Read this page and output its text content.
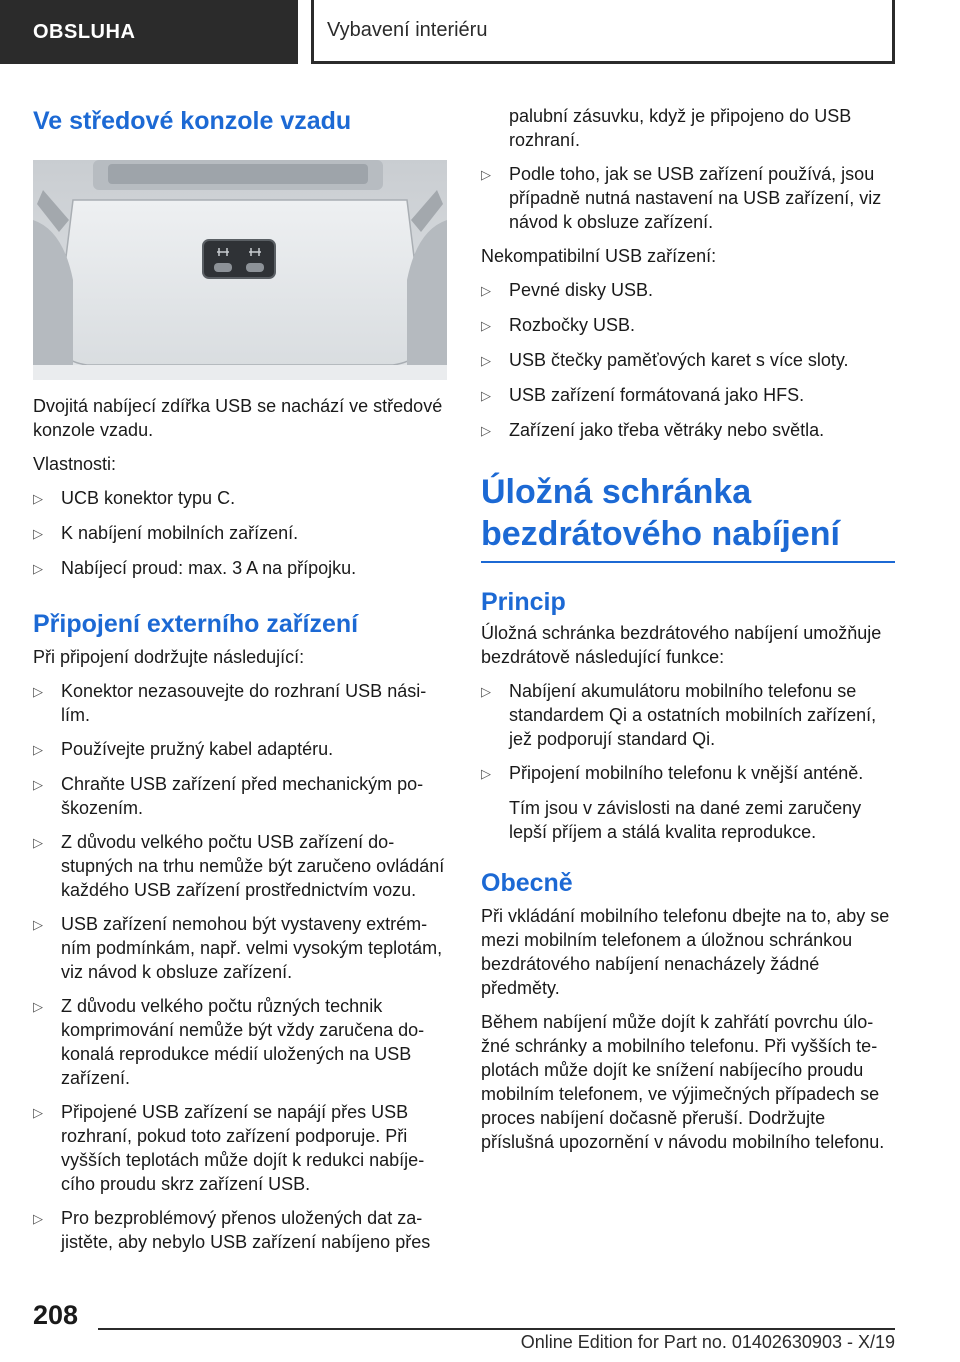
OBSLUHA	Vybavení interiéru
Ve středové konzole vzadu

Dvojitá nabíjecí zdířka USB se nachází ve středové konzole vzadu.

Vlastnosti:

▷	UCB konektor typu C.
▷	K nabíjení mobilních zařízení.
▷	Nabíjecí proud: max. 3 A na přípojku.
Připojení externího zařízení

Při připojení dodržujte následující:

▷	Konektor nezasouvejte do rozhraní USB násilím.
▷	Používejte pružný kabel adaptéru.
▷	Chraňte USB zařízení před mechanickým poškozením.
▷	Z důvodu velkého počtu USB zařízení dostupných na trhu nemůže být zaručeno ovládání každého USB zařízení prostřednictvím vozu.
▷	USB zařízení nemohou být vystaveny extrémním podmínkám, např. velmi vysokým teplotám, viz návod k obsluze zařízení.
▷	Z důvodu velkého počtu různých technik komprimování nemůže být vždy zaručena dokonalá reprodukce médií uložených na USB zařízení.
▷	Připojené USB zařízení se napájí přes USB rozhraní, pokud toto zařízení podporuje. Při vyšších teplotách může dojít k redukci nabíjecího proudu skrz zařízení USB.
▷	Pro bezproblémový přenos uložených dat zajistěte, aby nebylo USB zařízení nabíjeno přes

palubní zásuvku, když je připojeno do USB rozhraní.

▷	Podle toho, jak se USB zařízení používá, jsou případně nutná nastavení na USB zařízení, viz návod k obsluze zařízení.

Nekompatibilní USB zařízení:

▷	Pevné disky USB.
▷	Rozbočky USB.
▷	USB čtečky paměťových karet s více sloty.
▷	USB zařízení formátovaná jako HFS.
▷	Zařízení jako třeba větráky nebo světla.
Úložná schránka
bezdrátového nabíjení
Princip

Úložná schránka bezdrátového nabíjení umožňuje bezdrátově následující funkce:

▷	Nabíjení akumulátoru mobilního telefonu se standardem Qi a ostatních mobilních zařízení, jež podporují standard Qi.
▷	Připojení mobilního telefonu k vnější anténě.

Tím jsou v závislosti na dané zemi zaručeny lepší příjem a stálá kvalita reprodukce.

Obecně

Při vkládání mobilního telefonu dbejte na to, aby se mezi mobilním telefonem a úložnou schránkou bezdrátového nabíjení nenacházely žádné předměty.

Během nabíjení může dojít k zahřátí povrchu úložné schránky a mobilního telefonu. Při vyšších teplotách může dojít ke snížení nabíjecího proudu mobilním telefonem, ve výjimečných případech se proces nabíjení dočasně přeruší. Dodržujte příslušná upozornění v návodu mobilního telefonu.

208
Online Edition for Part no. 01402630903 - X/19
